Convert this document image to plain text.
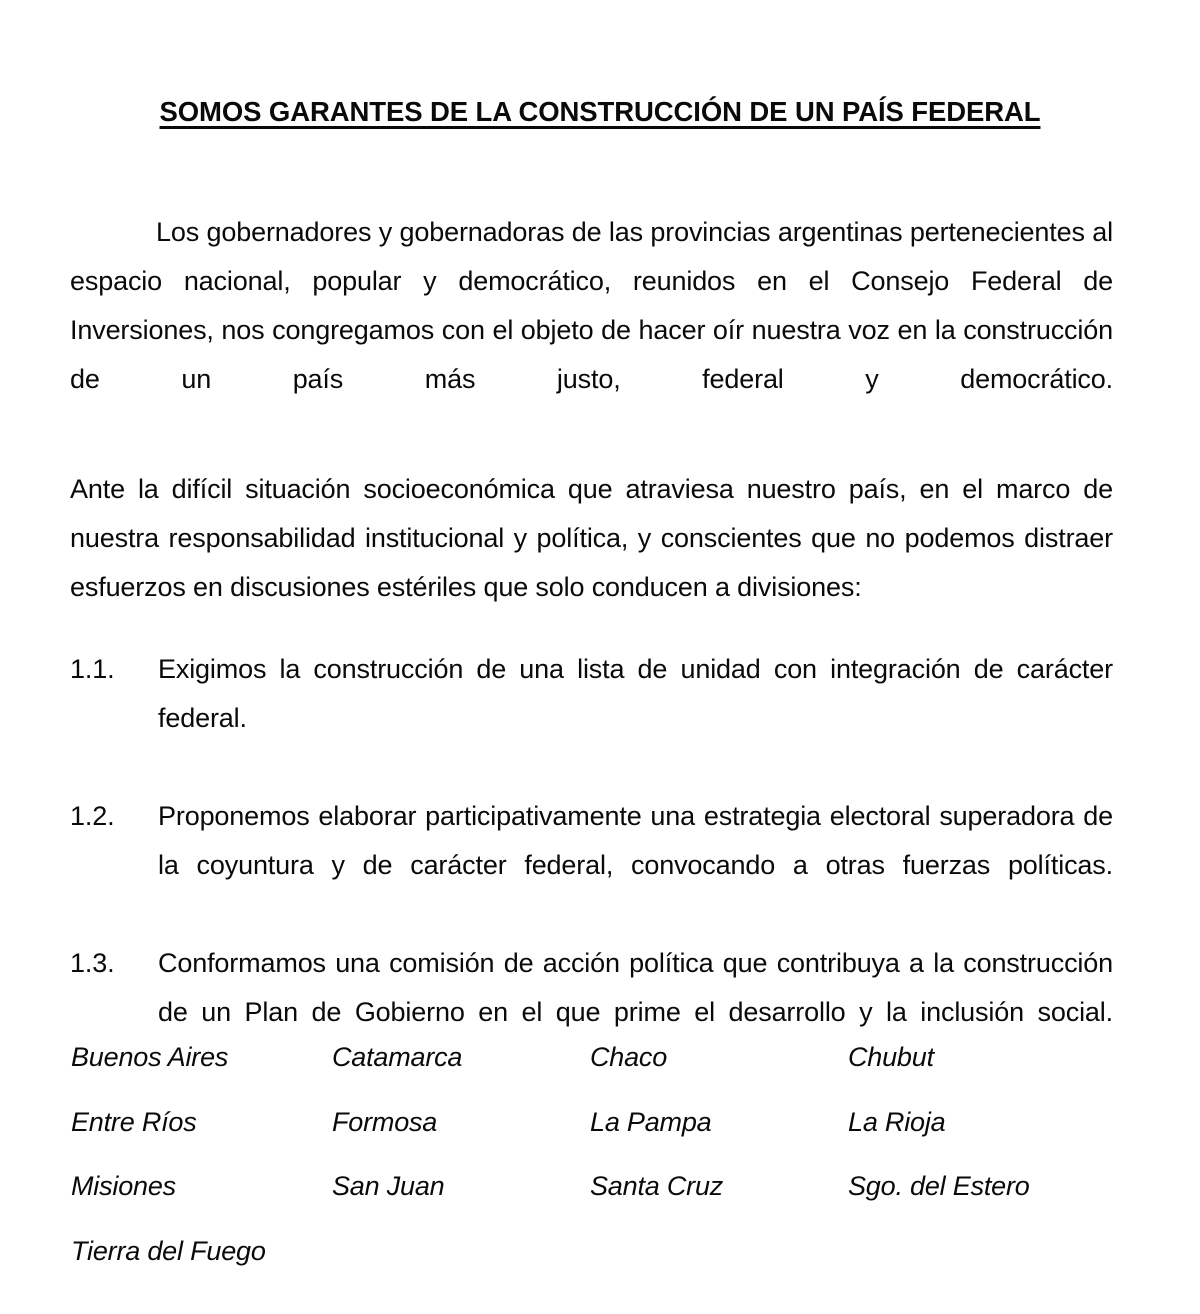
SOMOS GARANTES DE LA CONSTRUCCIÓN DE UN PAÍS FEDERAL

Los gobernadores y gobernadoras de las provincias argentinas pertenecientes al espacio nacional, popular y democrático, reunidos en el Consejo Federal de Inversiones, nos congregamos con el objeto de hacer oír nuestra voz en la construcción de un país más justo, federal y democrático.

Ante la difícil situación socioeconómica que atraviesa nuestro país, en el marco de nuestra responsabilidad institucional y política, y conscientes que no podemos distraer esfuerzos en discusiones estériles que solo conducen a divisiones:

1.1.	Exigimos la construcción de una lista de unidad con integración de carácter federal.
1.2.	Proponemos elaborar participativamente una estrategia electoral superadora de la coyuntura y de carácter federal, convocando a otras fuerzas políticas.
1.3.	Conformamos una comisión de acción política que contribuya a la construcción de un Plan de Gobierno en el que prime el desarrollo y la inclusión social.
Buenos Aires	Catamarca	Chaco	Chubut
Entre Ríos	Formosa	La Pampa	La Rioja
Misiones	San Juan	Santa Cruz	Sgo. del Estero
Tierra del Fuego
